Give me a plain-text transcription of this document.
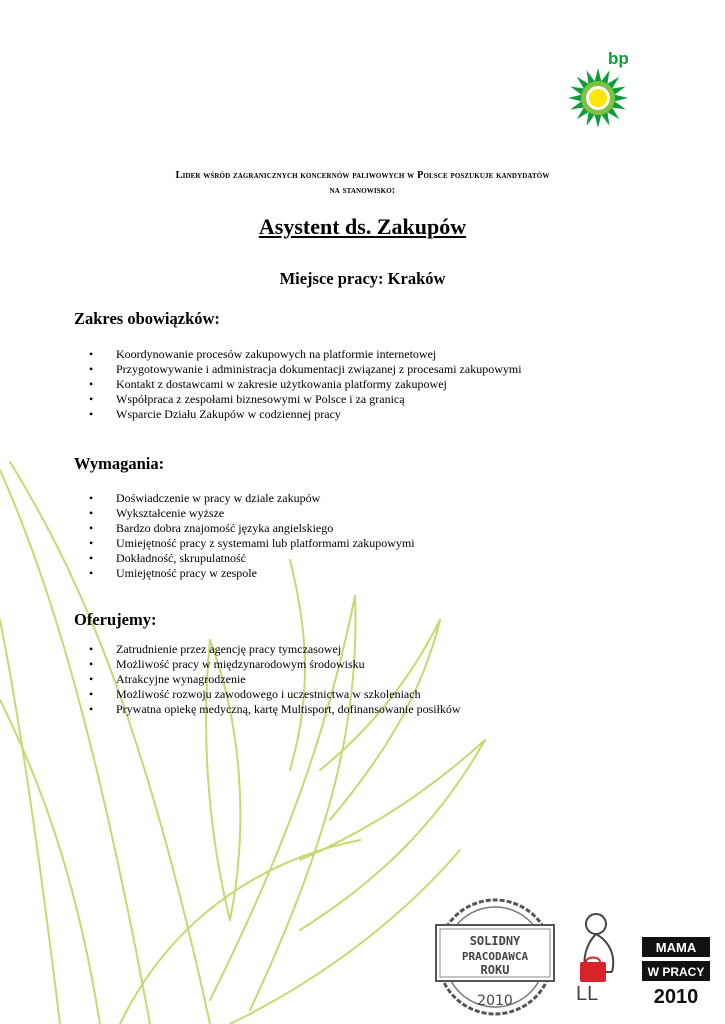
bp
Lider wśród zagranicznych koncernów paliwowych w Polsce poszukuje kandydatów
na stanowisko:
Asystent ds. Zakupów
Miejsce pracy: Kraków
Zakres obowiązków:
• Koordynowanie procesów zakupowych na platformie internetowej
• Przygotowywanie i administracja dokumentacji związanej z procesami zakupowymi
• Kontakt z dostawcami w zakresie użytkowania platformy zakupowej
• Współpraca z zespołami biznesowymi w Polsce i za granicą
• Wsparcie Działu Zakupów w codziennej pracy
Wymagania:
• Doświadczenie w pracy w dziale zakupów
• Wykształcenie wyższe
• Bardzo dobra znajomość języka angielskiego
• Umiejętność pracy z systemami lub platformami zakupowymi
• Dokładność, skrupulatność
• Umiejętność pracy w zespole
Oferujemy:
• Zatrudnienie przez agencję pracy tymczasowej
• Możliwość pracy w międzynarodowym środowisku
• Atrakcyjne wynagrodzenie
• Możliwość rozwoju zawodowego i uczestnictwa w szkoleniach
• Prywatna opiekę medyczną, kartę Multisport, dofinansowanie posiłków
SOLIDNY
PRACODAWCA
ROKU
2010	LL
MAMA
W PRACY
2010
